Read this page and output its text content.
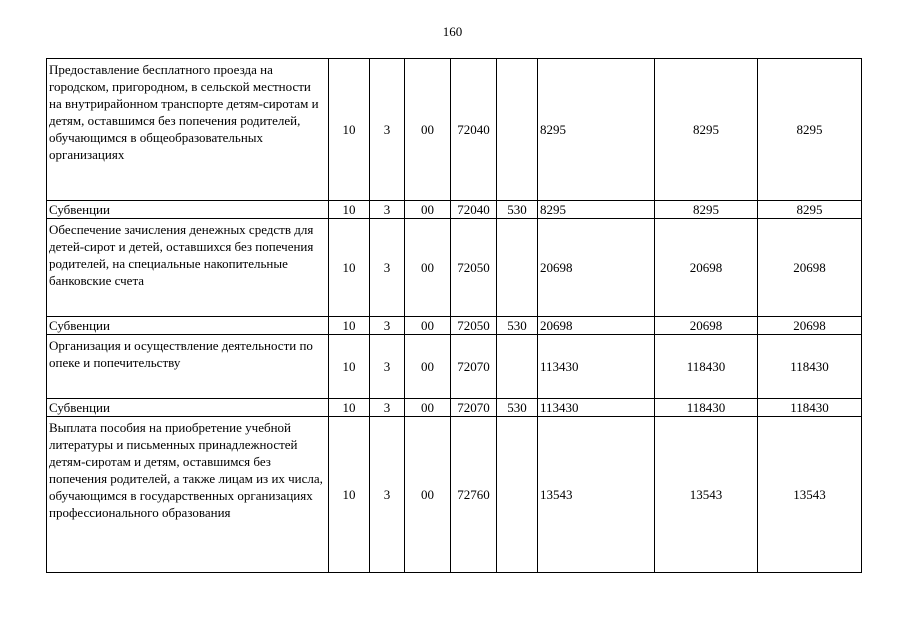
160
Предоставление бесплатного проезда на городском, пригородном, в сельской местности на внутрирайонном транспорте детям-сиротам и детям, оставшимся без попечения родителей, обучающимся в общеобразовательных организациях	10	3	00	72040		8295	8295	8295
Субвенции	10	3	00	72040	530	8295	8295	8295
Обеспечение зачисления денежных средств для детей-сирот и детей, оставшихся без попечения родителей, на специальные накопительные банковские счета	10	3	00	72050		20698	20698	20698
Субвенции	10	3	00	72050	530	20698	20698	20698
Организация и осуществление деятельности по опеке и попечительству	10	3	00	72070		113430	118430	118430
Субвенции	10	3	00	72070	530	113430	118430	118430
Выплата пособия на приобретение учебной литературы и письменных принадлежностей детям-сиротам и детям, оставшимся без попечения родителей, а также лицам из их числа, обучающимся в государственных организациях профессионального образования	10	3	00	72760		13543	13543	13543
